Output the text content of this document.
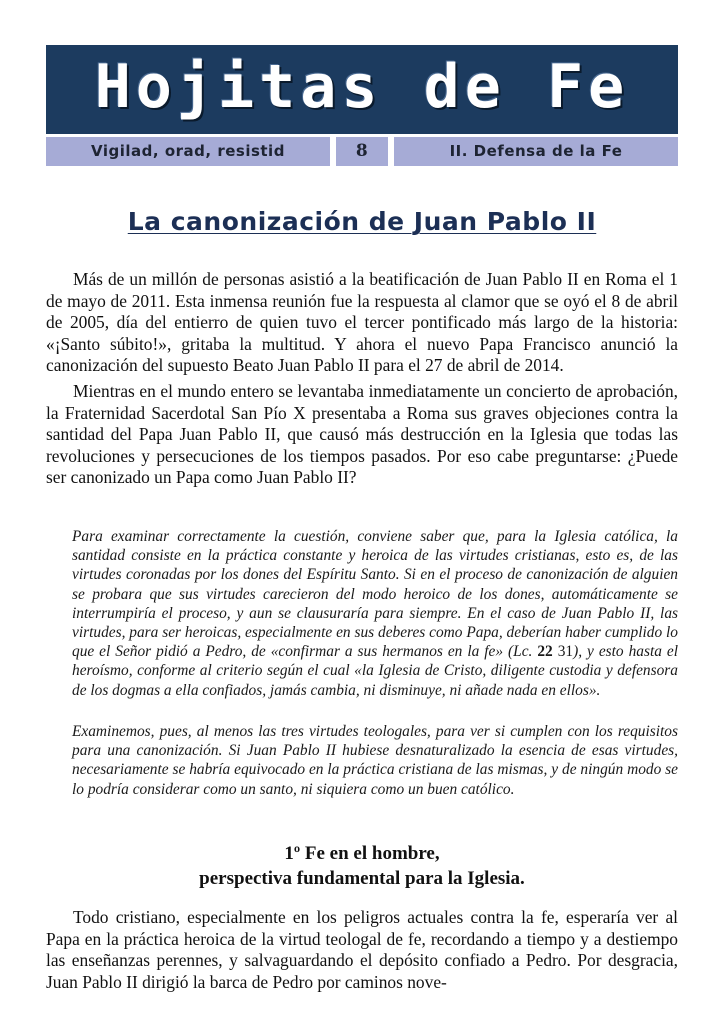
Hojitas de Fe
Vigilad, orad, resistid	8	II. Defensa de la Fe
La canonización de Juan Pablo II

Más de un millón de personas asistió a la beatificación de Juan Pablo II en Roma el 1 de mayo de 2011. Esta inmensa reunión fue la respuesta al clamor que se oyó el 8 de abril de 2005, día del entierro de quien tuvo el tercer pontificado más largo de la historia: «¡Santo súbito!», gritaba la multitud. Y ahora el nuevo Papa Francisco anunció la canonización del supuesto Beato Juan Pablo II para el 27 de abril de 2014.

Mientras en el mundo entero se levantaba inmediatamente un concierto de aprobación, la Fraternidad Sacerdotal San Pío X presentaba a Roma sus graves objeciones contra la santidad del Papa Juan Pablo II, que causó más destrucción en la Iglesia que todas las revoluciones y persecuciones de los tiempos pasados. Por eso cabe preguntarse: ¿Puede ser canonizado un Papa como Juan Pablo II?

Para examinar correctamente la cuestión, conviene saber que, para la Iglesia católica, la santidad consiste en la práctica constante y heroica de las virtudes cristianas, esto es, de las virtudes coronadas por los dones del Espíritu Santo. Si en el proceso de canonización de alguien se probara que sus virtudes carecieron del modo heroico de los dones, automáticamente se interrumpiría el proceso, y aun se clausuraría para siempre. En el caso de Juan Pablo II, las virtudes, para ser heroicas, especialmente en sus deberes como Papa, deberían haber cumplido lo que el Señor pidió a Pedro, de «confirmar a sus hermanos en la fe» (Lc. 22 31), y esto hasta el heroísmo, conforme al criterio según el cual «la Iglesia de Cristo, diligente custodia y defensora de los dogmas a ella confiados, jamás cambia, ni disminuye, ni añade nada en ellos».

Examinemos, pues, al menos las tres virtudes teologales, para ver si cumplen con los requisitos para una canonización. Si Juan Pablo II hubiese desnaturalizado la esencia de esas virtudes, necesariamente se habría equivocado en la práctica cristiana de las mismas, y de ningún modo se lo podría considerar como un santo, ni siquiera como un buen católico.

1º Fe en el hombre,
perspectiva fundamental para la Iglesia.

Todo cristiano, especialmente en los peligros actuales contra la fe, esperaría ver al Papa en la práctica heroica de la virtud teologal de fe, recordando a tiempo y a destiempo las enseñanzas perennes, y salvaguardando el depósito confiado a Pedro. Por desgracia, Juan Pablo II dirigió la barca de Pedro por caminos nove-
